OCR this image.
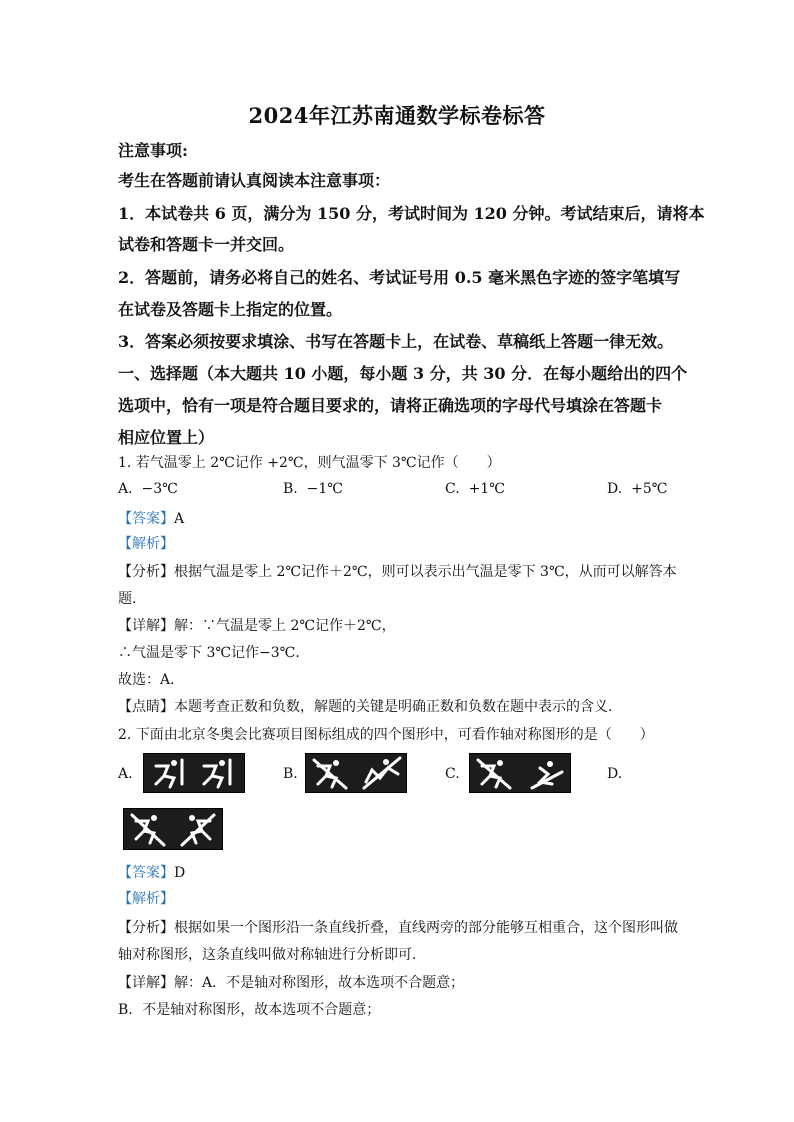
2024年江苏南通数学标卷标答
注意事项:
考生在答题前请认真阅读本注意事项：
1．本试卷共 6 页，满分为 150 分，考试时间为 120 分钟。考试结束后，请将本
试卷和答题卡一并交回。
2．答题前，请务必将自己的姓名、考试证号用 0.5 毫米黑色字迹的签字笔填写
在试卷及答题卡上指定的位置。
3．答案必须按要求填涂、书写在答题卡上，在试卷、草稿纸上答题一律无效。
一、选择题（本大题共 10 小题，每小题 3 分，共 30 分．在每小题给出的四个
选项中，恰有一项是符合题目要求的，请将正确选项的字母代号填涂在答题卡
相应位置上）
1. 若气温零上 2℃记作 +2℃，则气温零下 3℃记作（　　）
A. −3℃	B. −1℃	C. +1℃	D. +5℃
【答案】A
【解析】
【分析】根据气温是零上 2℃记作＋2℃，则可以表示出气温是零下 3℃，从而可以解答本
题.
【详解】解：∵气温是零上 2℃记作＋2℃，
∴气温是零下 3℃记作−3℃．
故选：A．
【点睛】本题考查正数和负数，解题的关键是明确正数和负数在题中表示的含义．
2. 下面由北京冬奥会比赛项目图标组成的四个图形中，可看作轴对称图形的是（　　）
A.	B.	C.	D.
【答案】D
【解析】
【分析】根据如果一个图形沿一条直线折叠，直线两旁的部分能够互相重合，这个图形叫做
轴对称图形，这条直线叫做对称轴进行分析即可．
【详解】解：A．不是轴对称图形，故本选项不合题意；
B．不是轴对称图形，故本选项不合题意；
